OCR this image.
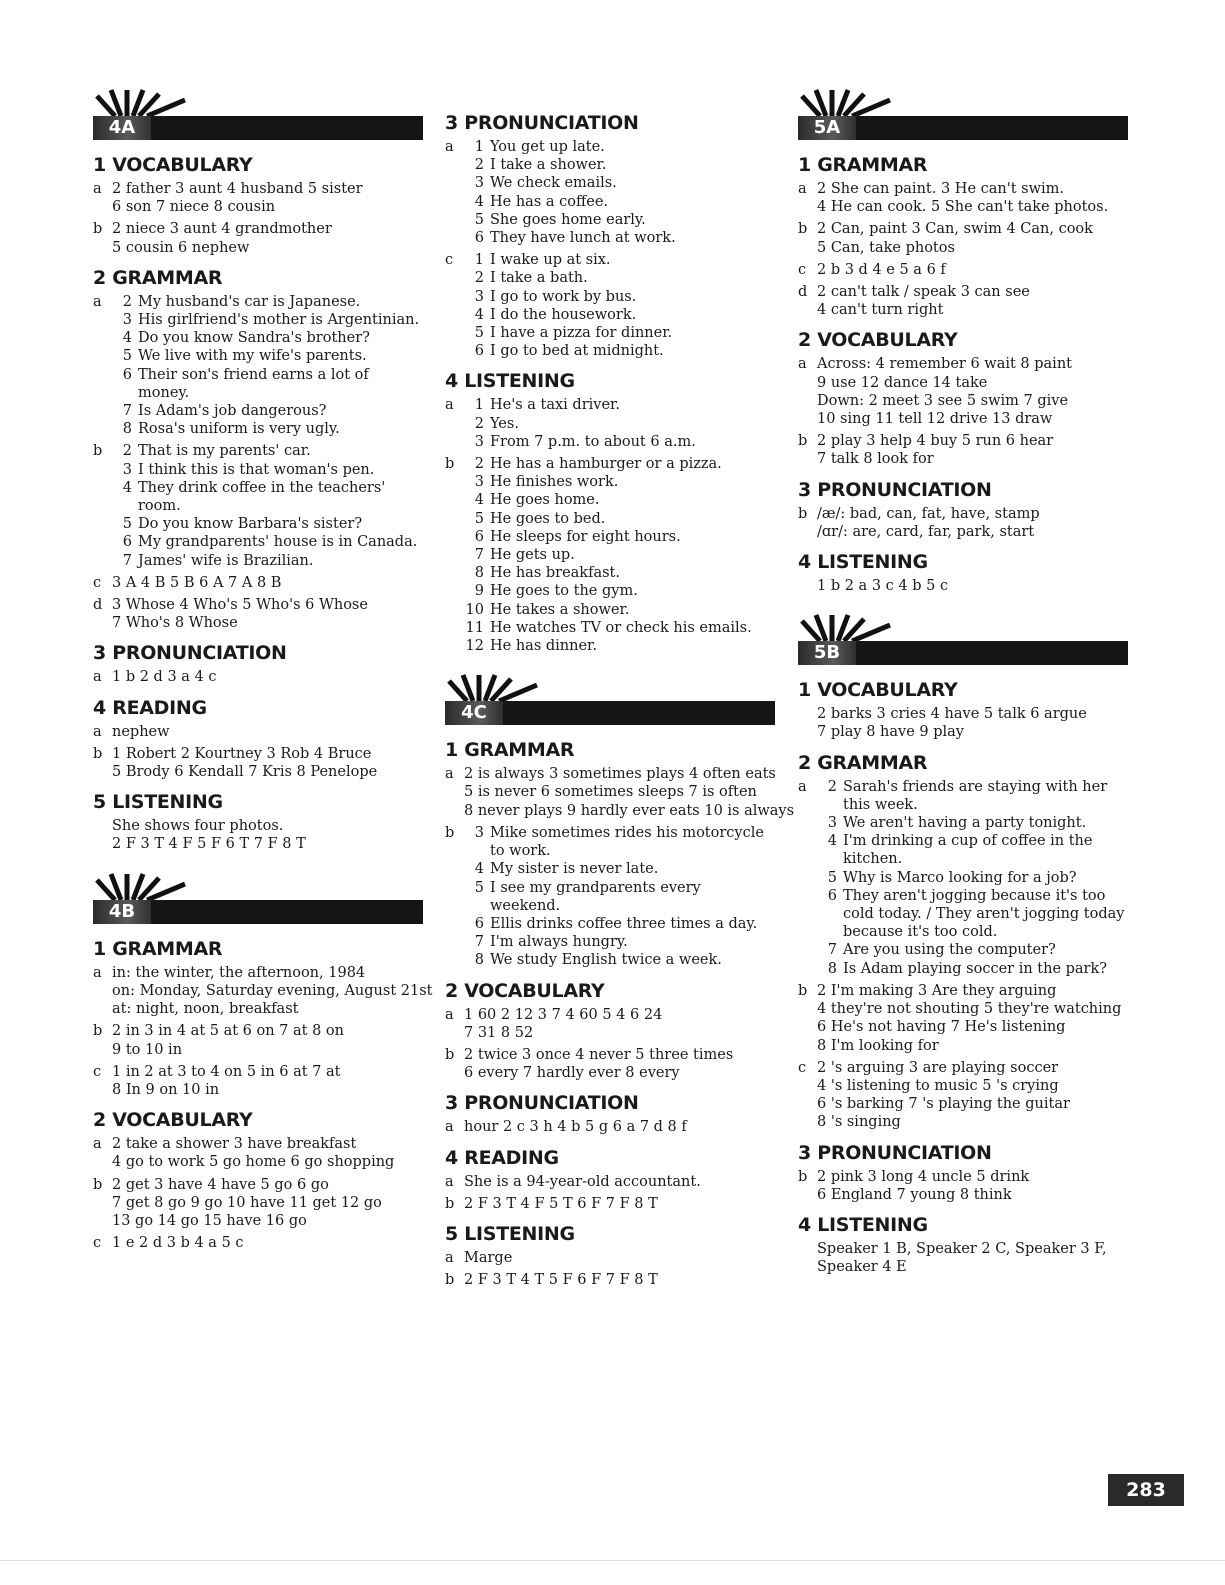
4A
1 VOCABULARY
a 2 father 3 aunt 4 husband 5 sister
6 son 7 niece 8 cousin
b 2 niece 3 aunt 4 grandmother
5 cousin 6 nephew
2 GRAMMAR
a	2 My husband's car is Japanese.
3 His girlfriend's mother is Argentinian.
4 Do you know Sandra's brother?
5 We live with my wife's parents.
6 Their son's friend earns a lot of money.
7 Is Adam's job dangerous?
8 Rosa's uniform is very ugly.
b	2 That is my parents' car.
3 I think this is that woman's pen.
4 They drink coffee in the teachers' room.
5 Do you know Barbara's sister?
6 My grandparents' house is in Canada.
7 James' wife is Brazilian.
c 3 A 4 B 5 B 6 A 7 A 8 B
d 3 Whose 4 Who's 5 Who's 6 Whose
7 Who's 8 Whose
3 PRONUNCIATION
a 1 b 2 d 3 a 4 c
4 READING
a nephew
b 1 Robert 2 Kourtney 3 Rob 4 Bruce
5 Brody 6 Kendall 7 Kris 8 Penelope
5 LISTENING
She shows four photos.
2 F 3 T 4 F 5 F 6 T 7 F 8 T
4B
1 GRAMMAR
a in: the winter, the afternoon, 1984
on: Monday, Saturday evening, August 21st
at: night, noon, breakfast
b 2 in 3 in 4 at 5 at 6 on 7 at 8 on
9 to 10 in
c 1 in 2 at 3 to 4 on 5 in 6 at 7 at
8 In 9 on 10 in
2 VOCABULARY
a 2 take a shower 3 have breakfast
4 go to work 5 go home 6 go shopping
b 2 get 3 have 4 have 5 go 6 go
7 get 8 go 9 go 10 have 11 get 12 go
13 go 14 go 15 have 16 go
c 1 e 2 d 3 b 4 a 5 c
3 PRONUNCIATION
a	1 You get up late.
2 I take a shower.
3 We check emails.
4 He has a coffee.
5 She goes home early.
6 They have lunch at work.
c	1 I wake up at six.
2 I take a bath.
3 I go to work by bus.
4 I do the housework.
5 I have a pizza for dinner.
6 I go to bed at midnight.
4 LISTENING
a	1 He's a taxi driver.
2 Yes.
3 From 7 p.m. to about 6 a.m.
b	2 He has a hamburger or a pizza.
3 He finishes work.
4 He goes home.
5 He goes to bed.
6 He sleeps for eight hours.
7 He gets up.
8 He has breakfast.
9 He goes to the gym.
10 He takes a shower.
11 He watches TV or check his emails.
12 He has dinner.
4C
1 GRAMMAR
a 2 is always 3 sometimes plays 4 often eats
5 is never 6 sometimes sleeps 7 is often
8 never plays 9 hardly ever eats 10 is always
b	3 Mike sometimes rides his motorcycle to work.
4 My sister is never late.
5 I see my grandparents every weekend.
6 Ellis drinks coffee three times a day.
7 I'm always hungry.
8 We study English twice a week.
2 VOCABULARY
a 1 60 2 12 3 7 4 60 5 4 6 24
7 31 8 52
b 2 twice 3 once 4 never 5 three times
6 every 7 hardly ever 8 every
3 PRONUNCIATION
a hour 2 c 3 h 4 b 5 g 6 a 7 d 8 f
4 READING
a She is a 94-year-old accountant.
b 2 F 3 T 4 F 5 T 6 F 7 F 8 T
5 LISTENING
a Marge
b 2 F 3 T 4 T 5 F 6 F 7 F 8 T
5A
1 GRAMMAR
a 2 She can paint. 3 He can't swim.
4 He can cook. 5 She can't take photos.
b 2 Can, paint 3 Can, swim 4 Can, cook
5 Can, take photos
c 2 b 3 d 4 e 5 a 6 f
d 2 can't talk / speak 3 can see
4 can't turn right
2 VOCABULARY
a Across: 4 remember 6 wait 8 paint
9 use 12 dance 14 take
Down: 2 meet 3 see 5 swim 7 give
10 sing 11 tell 12 drive 13 draw
b 2 play 3 help 4 buy 5 run 6 hear
7 talk 8 look for
3 PRONUNCIATION
b /æ/: bad, can, fat, have, stamp
/ɑr/: are, card, far, park, start
4 LISTENING
1 b 2 a 3 c 4 b 5 c
5B
1 VOCABULARY
2 barks 3 cries 4 have 5 talk 6 argue
7 play 8 have 9 play
2 GRAMMAR
a	2 Sarah's friends are staying with her this week.
3 We aren't having a party tonight.
4 I'm drinking a cup of coffee in the kitchen.
5 Why is Marco looking for a job?
6 They aren't jogging because it's too cold today. / They aren't jogging today because it's too cold.
7 Are you using the computer?
8 Is Adam playing soccer in the park?
b 2 I'm making 3 Are they arguing
4 they're not shouting 5 they're watching
6 He's not having 7 He's listening
8 I'm looking for
c 2 's arguing 3 are playing soccer
4 's listening to music 5 's crying
6 's barking 7 's playing the guitar
8 's singing
3 PRONUNCIATION
b 2 pink 3 long 4 uncle 5 drink
6 England 7 young 8 think
4 LISTENING
Speaker 1 B, Speaker 2 C, Speaker 3 F,
Speaker 4 E
283
